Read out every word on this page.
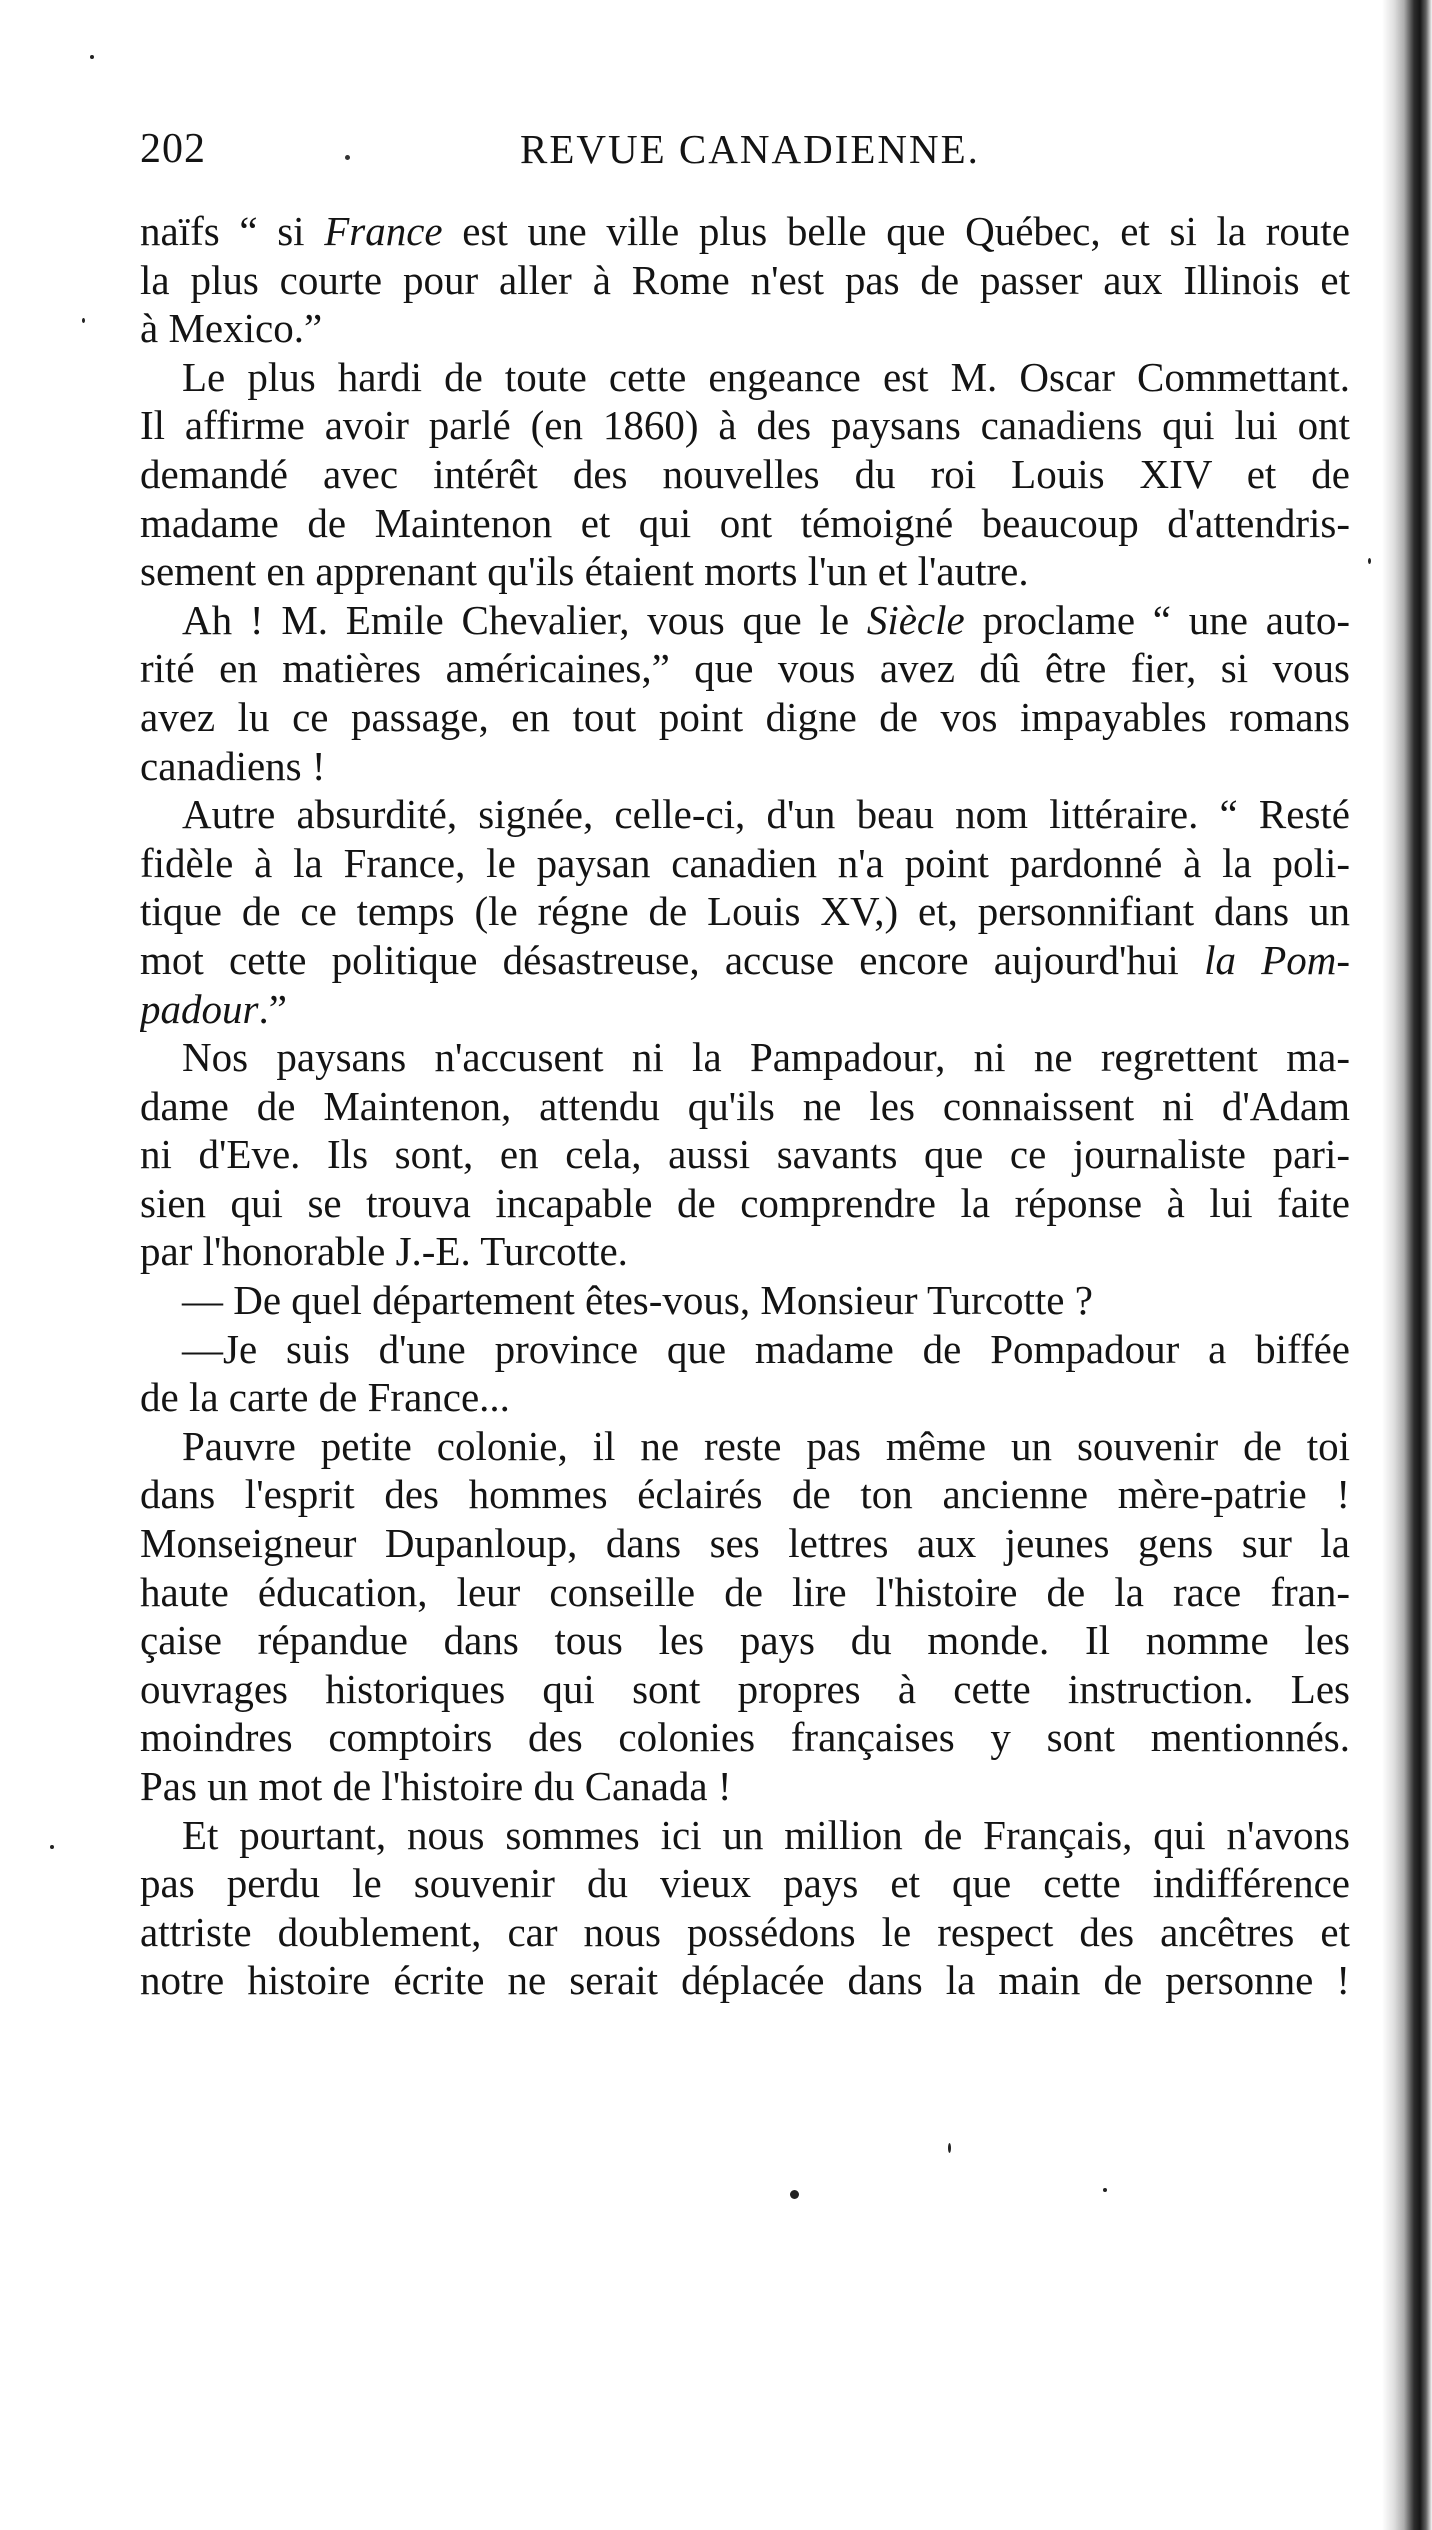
202	REVUE CANADIENNE.
naïfs “ si France est une ville plus belle que Québec, et si la route
la plus courte pour aller à Rome n'est pas de passer aux Illinois et
à Mexico.”
Le plus hardi de toute cette engeance est M. Oscar Commettant.
Il affirme avoir parlé (en 1860) à des paysans canadiens qui lui ont
demandé avec intérêt des nouvelles du roi Louis XIV et de
madame de Maintenon et qui ont témoigné beaucoup d'attendris-
sement en apprenant qu'ils étaient morts l'un et l'autre.
Ah ! M. Emile Chevalier, vous que le Siècle proclame “ une auto-
rité en matières américaines,” que vous avez dû être fier, si vous
avez lu ce passage, en tout point digne de vos impayables romans
canadiens !
Autre absurdité, signée, celle-ci, d'un beau nom littéraire. “ Resté
fidèle à la France, le paysan canadien n'a point pardonné à la poli-
tique de ce temps (le régne de Louis XV,) et, personnifiant dans un
mot cette politique désastreuse, accuse encore aujourd'hui la Pom-
padour.”
Nos paysans n'accusent ni la Pampadour, ni ne regrettent ma-
dame de Maintenon, attendu qu'ils ne les connaissent ni d'Adam
ni d'Eve. Ils sont, en cela, aussi savants que ce journaliste pari-
sien qui se trouva incapable de comprendre la réponse à lui faite
par l'honorable J.-E. Turcotte.
— De quel département êtes-vous, Monsieur Turcotte ?
—Je suis d'une province que madame de Pompadour a biffée
de la carte de France...
Pauvre petite colonie, il ne reste pas même un souvenir de toi
dans l'esprit des hommes éclairés de ton ancienne mère-patrie !
Monseigneur Dupanloup, dans ses lettres aux jeunes gens sur la
haute éducation, leur conseille de lire l'histoire de la race fran-
çaise répandue dans tous les pays du monde. Il nomme les
ouvrages historiques qui sont propres à cette instruction. Les
moindres comptoirs des colonies françaises y sont mentionnés.
Pas un mot de l'histoire du Canada !
Et pourtant, nous sommes ici un million de Français, qui n'avons
pas perdu le souvenir du vieux pays et que cette indifférence
attriste doublement, car nous possédons le respect des ancêtres et
notre histoire écrite ne serait déplacée dans la main de personne !
